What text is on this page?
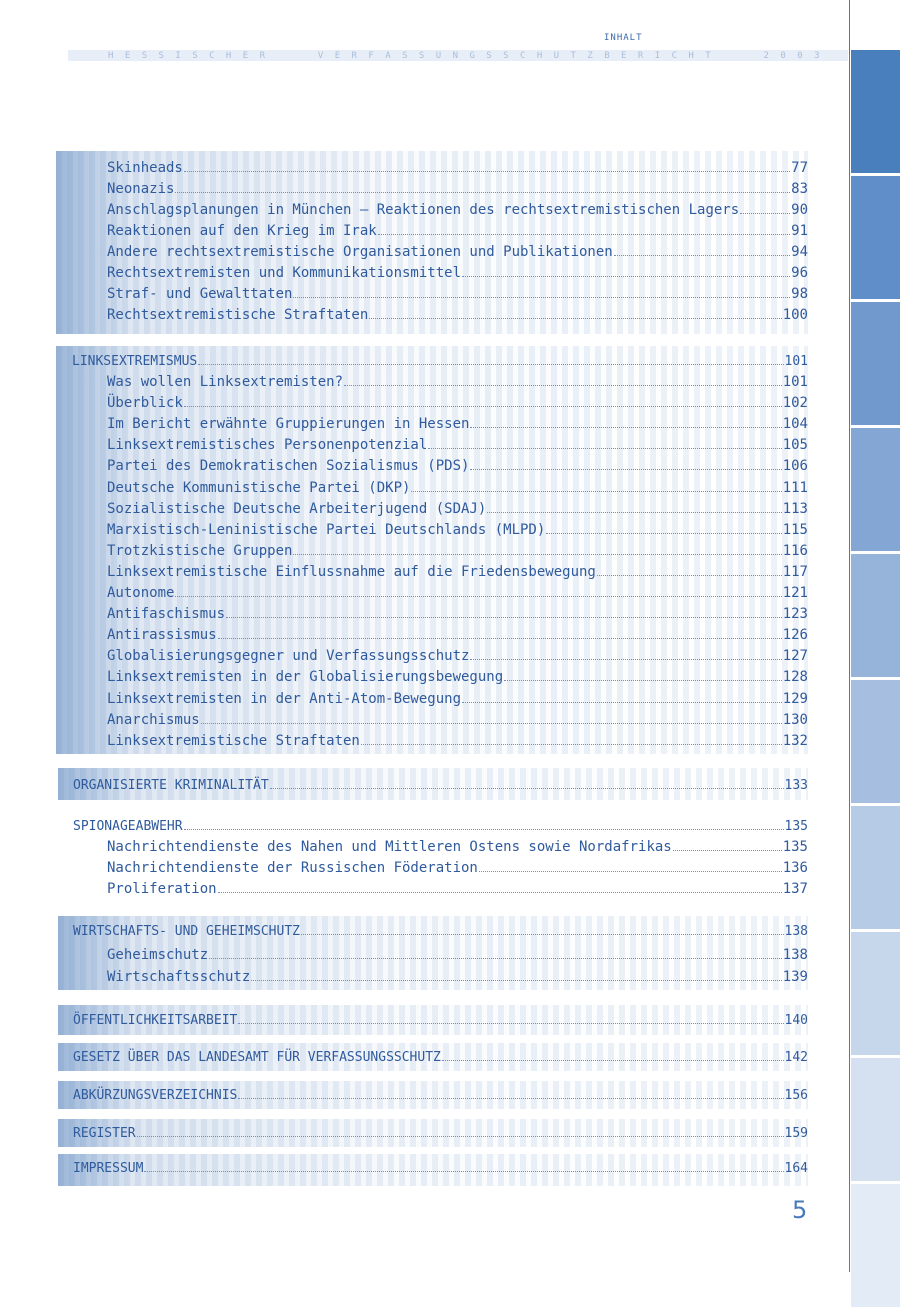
INHALT
H E S S I S C H E R	V E R F A S S U N G S S C H U T Z B E R I C H T	2 0 0 3
Skinheads	77
Neonazis	83
Anschlagsplanungen in München – Reaktionen des rechtsextremistischen Lagers	90
Reaktionen auf den Krieg im Irak	91
Andere rechtsextremistische Organisationen und Publikationen	94
Rechtsextremisten und Kommunikationsmittel	96
Straf- und Gewalttaten	98
Rechtsextremistische Straftaten	100
LINKSEXTREMISMUS	101
Was wollen Linksextremisten?	101
Überblick	102
Im Bericht erwähnte Gruppierungen in Hessen	104
Linksextremistisches Personenpotenzial	105
Partei des Demokratischen Sozialismus (PDS)	106
Deutsche Kommunistische Partei (DKP)	111
Sozialistische Deutsche Arbeiterjugend (SDAJ)	113
Marxistisch-Leninistische Partei Deutschlands (MLPD)	115
Trotzkistische Gruppen	116
Linksextremistische Einflussnahme auf die Friedensbewegung	117
Autonome	121
Antifaschismus	123
Antirassismus	126
Globalisierungsgegner und Verfassungsschutz	127
Linksextremisten in der Globalisierungsbewegung	128
Linksextremisten in der Anti-Atom-Bewegung	129
Anarchismus	130
Linksextremistische Straftaten	132
ORGANISIERTE KRIMINALITÄT	133
SPIONAGEABWEHR	135
Nachrichtendienste des Nahen und Mittleren Ostens sowie Nordafrikas	135
Nachrichtendienste der Russischen Föderation	136
Proliferation	137
WIRTSCHAFTS- UND GEHEIMSCHUTZ	138
Geheimschutz	138
Wirtschaftsschutz	139
ÖFFENTLICHKEITSARBEIT	140
GESETZ ÜBER DAS LANDESAMT FÜR VERFASSUNGSSCHUTZ	142
ABKÜRZUNGSVERZEICHNIS	156
REGISTER	159
IMPRESSUM	164
5
